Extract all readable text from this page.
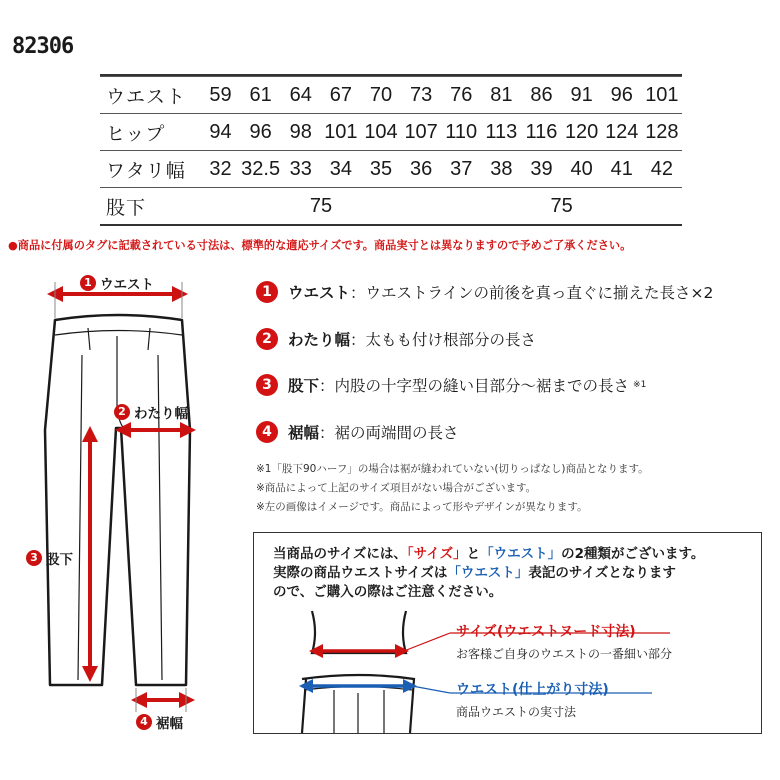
82306
ウエスト	59 61 64 67 70 73 76 81 86 91 96 101
ヒップ	94 96 98 101 104 107 110 113 116 120 124 128
ワタリ幅	32 32.5 33 34 35 36 37 38 39 40 41 42
股下	75	75
●商品に付属のタグに記載されている寸法は、標準的な適応サイズです。商品実寸とは異なりますので予めご了承ください。
1 ウエスト
2 わたり幅
3 股下
4 裾幅
1	ウエスト ：ウエストラインの前後を真っ直ぐに揃えた長さ×2
2	わたり幅 ：太もも付け根部分の長さ
3	股下 ：内股の十字型の縫い目部分～裾までの長さ ※1
4	裾幅 ：裾の両端間の長さ
※1「股下90ハーフ」の場合は裾が縫われていない(切りっぱなし)商品となります。
※商品によって上記のサイズ項目がない場合がございます。
※左の画像はイメージです。商品によって形やデザインが異なります。
当商品のサイズには、「サイズ」と「ウエスト」の2種類がございます。
実際の商品ウエストサイズは「ウエスト」表記のサイズとなります
ので、ご購入の際はご注意ください。
サイズ(ウエストヌード寸法)
お客様ご自身のウエストの一番細い部分
ウエスト(仕上がり寸法)
商品ウエストの実寸法
